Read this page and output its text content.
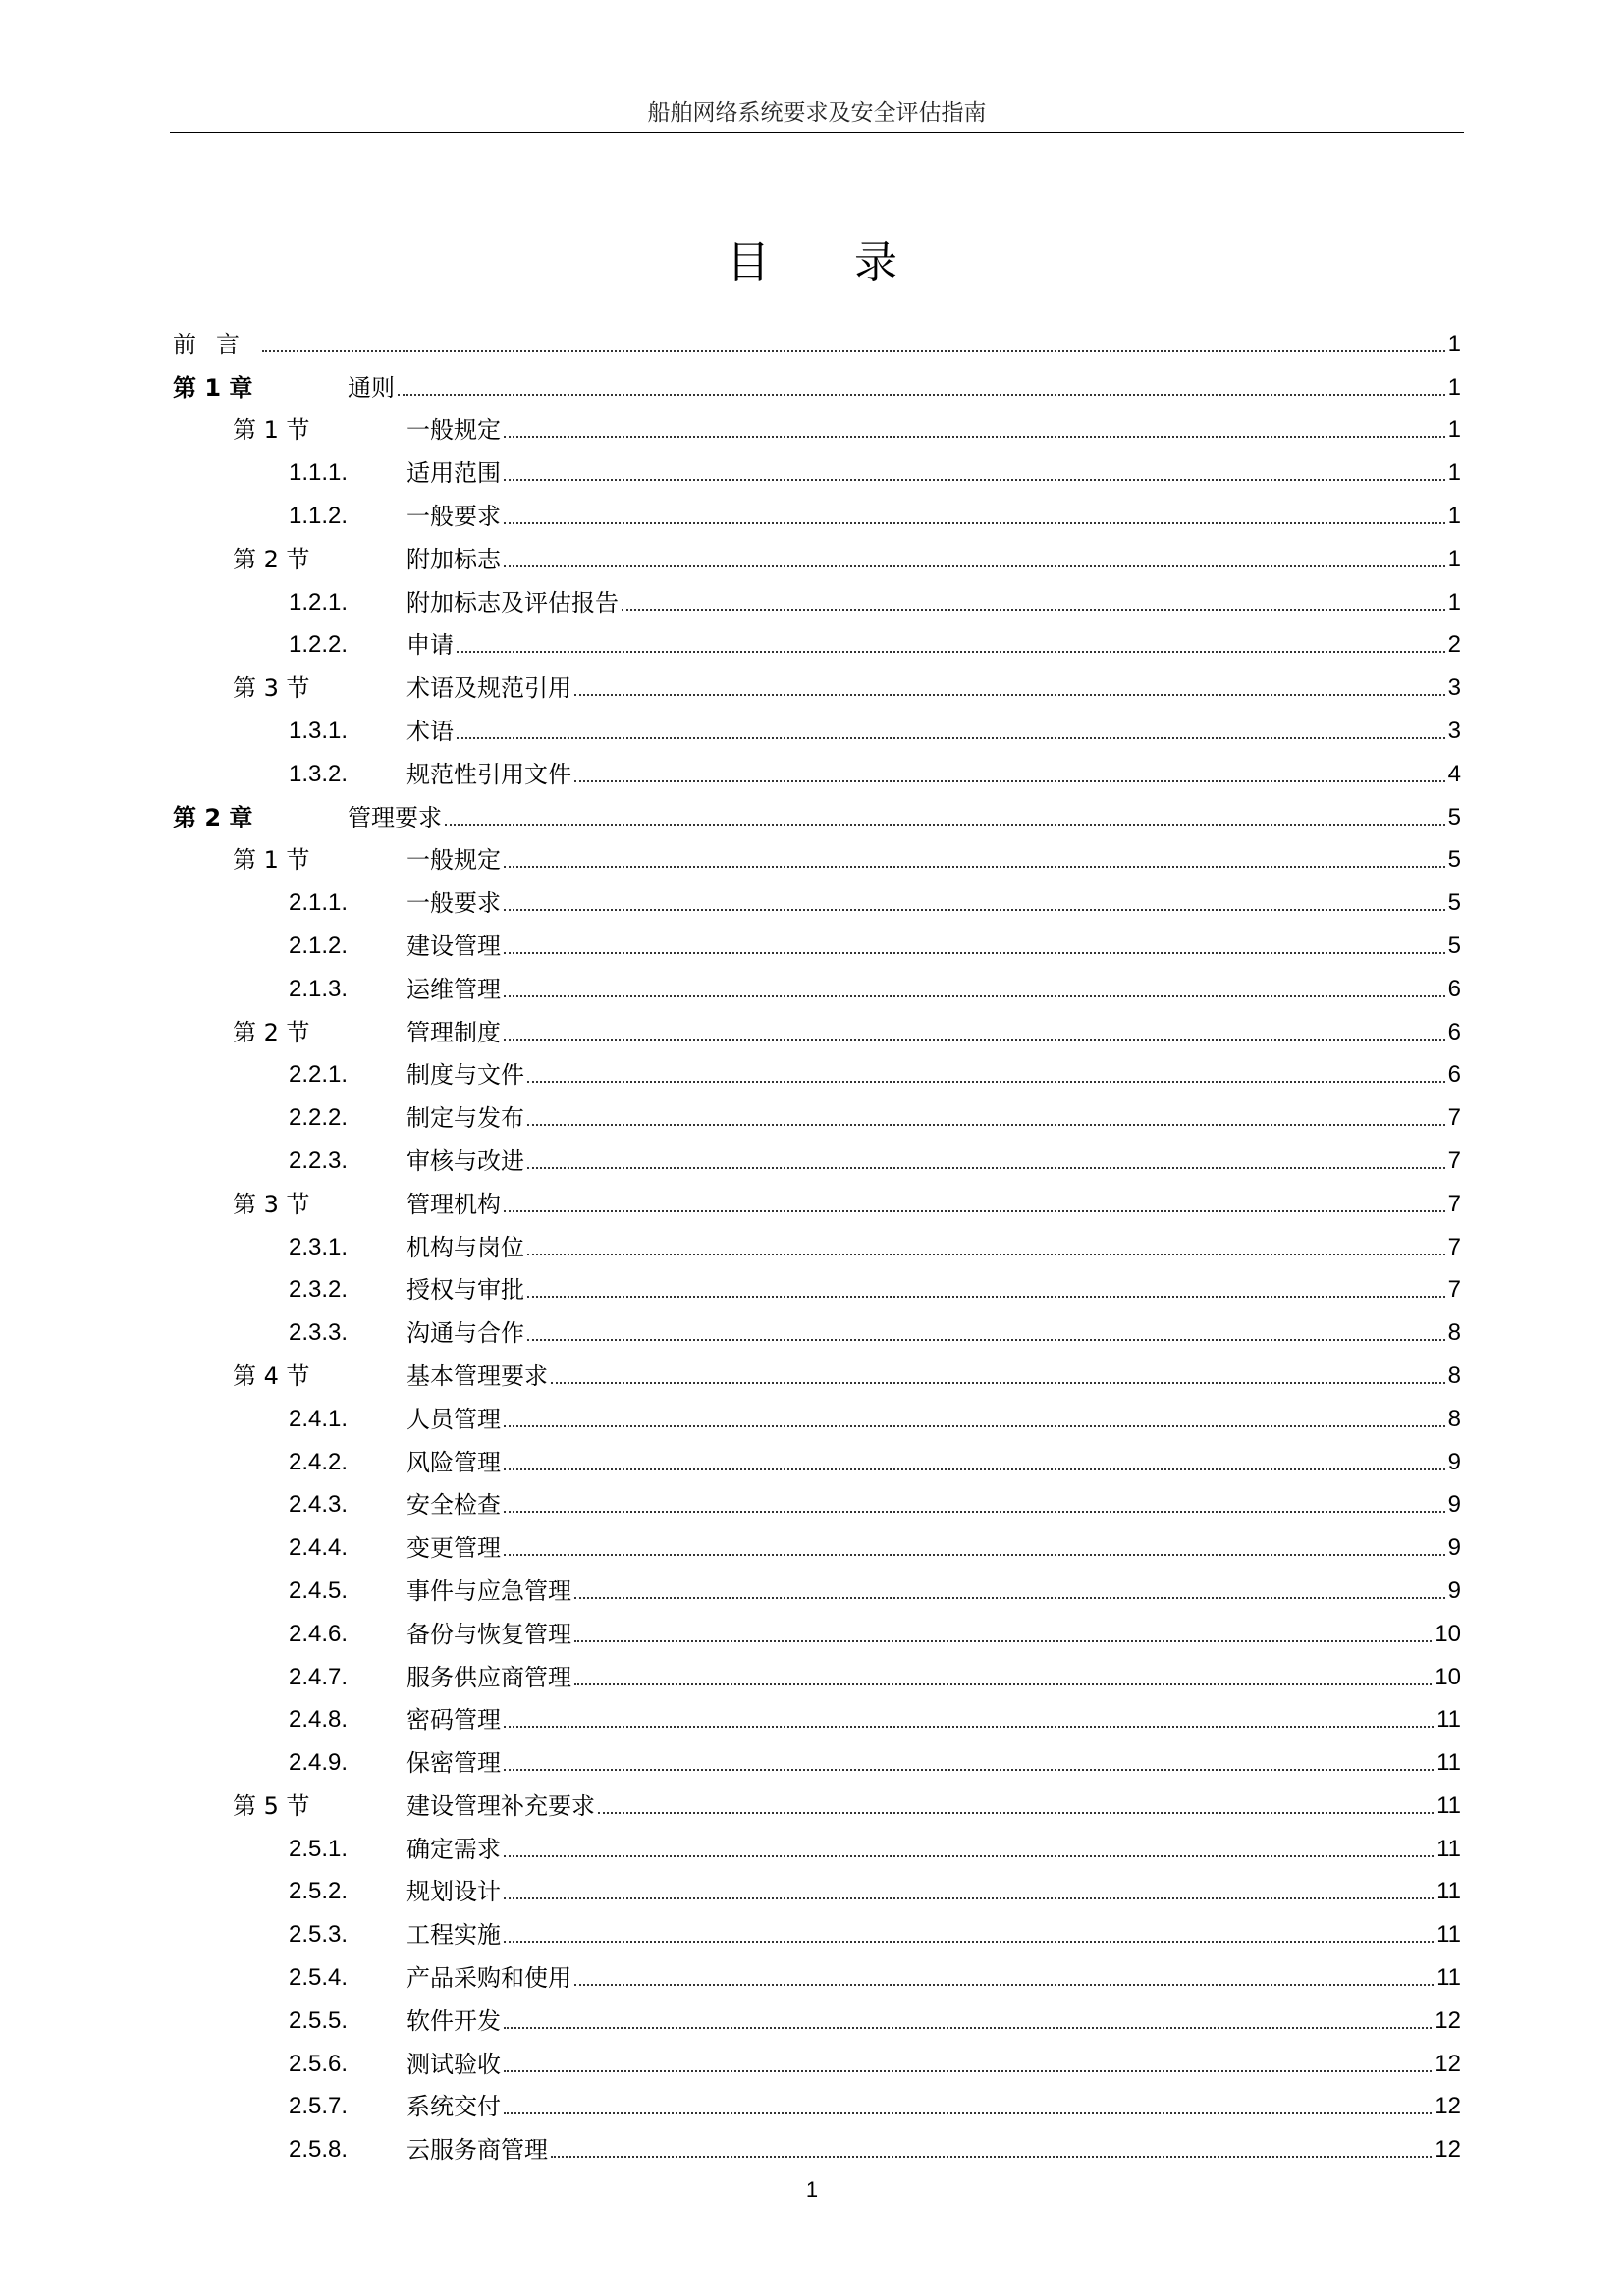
船舶网络系统要求及安全评估指南
目 录
前言	1
第 1 章	通则	1
第 1 节	一般规定	1
1.1.1.	适用范围	1
1.1.2.	一般要求	1
第 2 节	附加标志	1
1.2.1.	附加标志及评估报告	1
1.2.2.	申请	2
第 3 节	术语及规范引用	3
1.3.1.	术语	3
1.3.2.	规范性引用文件	4
第 2 章	管理要求	5
第 1 节	一般规定	5
2.1.1.	一般要求	5
2.1.2.	建设管理	5
2.1.3.	运维管理	6
第 2 节	管理制度	6
2.2.1.	制度与文件	6
2.2.2.	制定与发布	7
2.2.3.	审核与改进	7
第 3 节	管理机构	7
2.3.1.	机构与岗位	7
2.3.2.	授权与审批	7
2.3.3.	沟通与合作	8
第 4 节	基本管理要求	8
2.4.1.	人员管理	8
2.4.2.	风险管理	9
2.4.3.	安全检查	9
2.4.4.	变更管理	9
2.4.5.	事件与应急管理	9
2.4.6.	备份与恢复管理	10
2.4.7.	服务供应商管理	10
2.4.8.	密码管理	11
2.4.9.	保密管理	11
第 5 节	建设管理补充要求	11
2.5.1.	确定需求	11
2.5.2.	规划设计	11
2.5.3.	工程实施	11
2.5.4.	产品采购和使用	11
2.5.5.	软件开发	12
2.5.6.	测试验收	12
2.5.7.	系统交付	12
2.5.8.	云服务商管理	12
1
